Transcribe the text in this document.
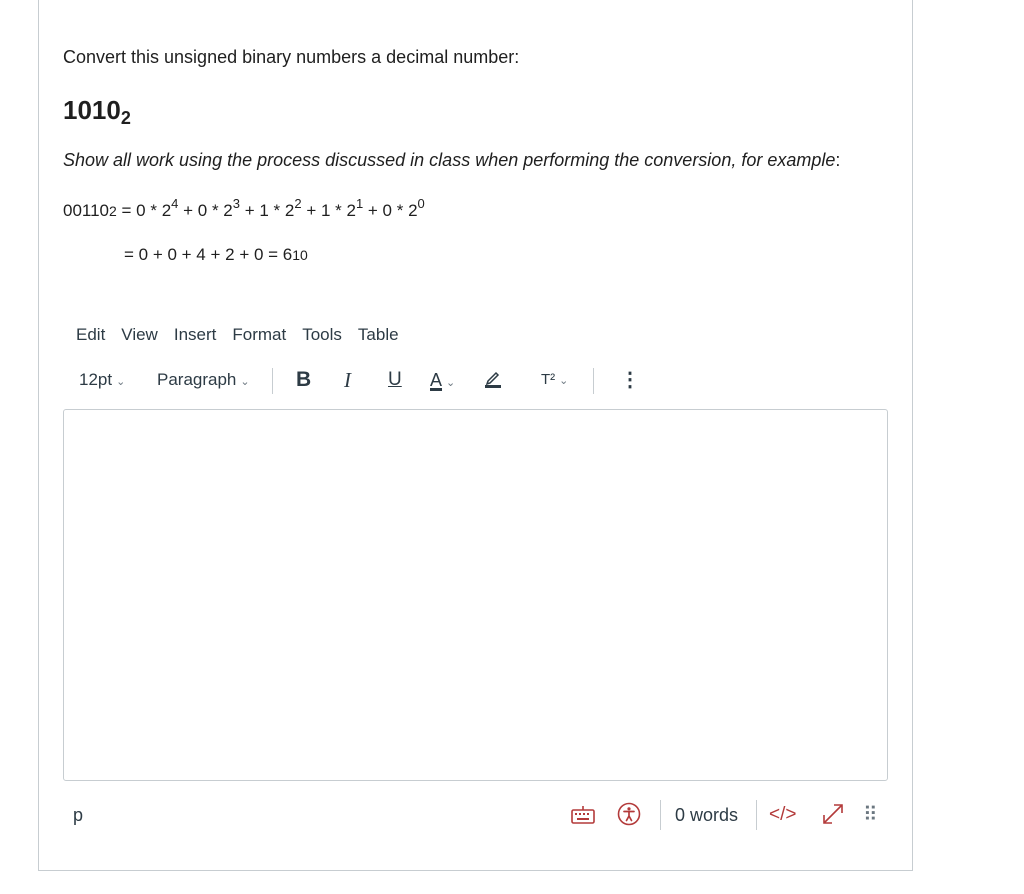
Convert this unsigned binary numbers a decimal number:
$1010_2$
Show all work using the process discussed in class when performing the conversion, for example:
$001102 = 0 * 2^4 + 0 * 2^3 + 1 * 2^2 + 1 * 2^1 + 0 * 2^0$
= 0 + 0 + 4 + 2 + 0 = 610
Edit View Insert Format Tools Table
12pt ⌄ Paragraph ⌄ B I U A ⌄	T² ⌄	⋮
p	0 words </>	⠿
